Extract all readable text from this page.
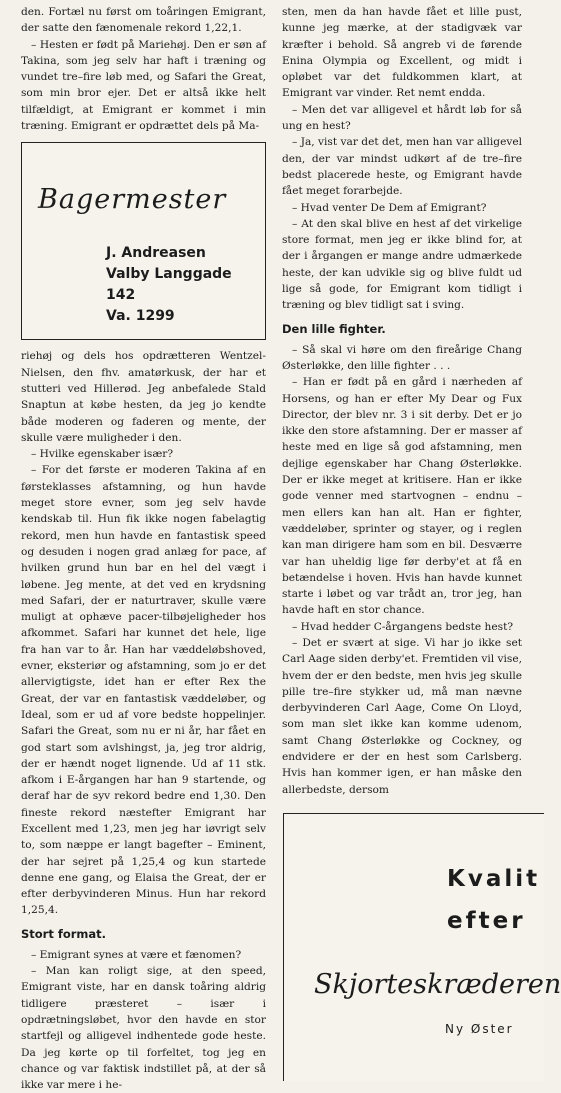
den. Fortæl nu først om toåringen Emigrant, der satte den fænomenale rekord 1,22,1.

– Hesten er født på Mariehøj. Den er søn af Takina, som jeg selv har haft i træning og vundet tre–fire løb med, og Safari the Great, som min bror ejer. Det er altså ikke helt tilfældigt, at Emigrant er kommet i min træning. Emigrant er opdrættet dels på Ma-

Bagermester
J. Andreasen
Valby Langgade 142
Va. 1299

riehøj og dels hos opdrætteren Wentzel-Nielsen, den fhv. amatørkusk, der har et stutteri ved Hillerød. Jeg anbefalede Stald Snaptun at købe hesten, da jeg jo kendte både moderen og faderen og mente, der skulle være muligheder i den.

– Hvilke egenskaber især?

– For det første er moderen Takina af en førsteklasses afstamning, og hun havde meget store evner, som jeg selv havde kendskab til. Hun fik ikke nogen fabelagtig rekord, men hun havde en fantastisk speed og desuden i nogen grad anlæg for pace, af hvilken grund hun bar en hel del vægt i løbene. Jeg mente, at det ved en krydsning med Safari, der er naturtraver, skulle være muligt at ophæve pacer-tilbøjeligheder hos afkommet. Safari har kunnet det hele, lige fra han var to år. Han har væddeløbshoved, evner, eksteriør og afstamning, som jo er det allervigtigste, idet han er efter Rex the Great, der var en fantastisk væddeløber, og Ideal, som er ud af vore bedste hoppelinjer. Safari the Great, som nu er ni år, har fået en god start som avlshingst, ja, jeg tror aldrig, der er hændt noget lignende. Ud af 11 stk. afkom i E-årgangen har han 9 startende, og deraf har de syv rekord bedre end 1,30. Den fineste rekord næstefter Emigrant har Excellent med 1,23, men jeg har iøvrigt selv to, som næppe er langt bagefter – Eminent, der har sejret på 1,25,4 og kun startede denne ene gang, og Elaisa the Great, der er efter derbyvinderen Minus. Hun har rekord 1,25,4.

Stort format.

– Emigrant synes at være et fænomen?

– Man kan roligt sige, at den speed, Emigrant viste, har en dansk toåring aldrig tidligere præsteret – især i opdrætningsløbet, hvor den havde en stor startfejl og alligevel indhentede gode heste. Da jeg kørte op til forfeltet, tog jeg en chance og var faktisk indstillet på, at der så ikke var mere i he-

sten, men da han havde fået et lille pust, kunne jeg mærke, at der stadigvæk var kræfter i behold. Så angreb vi de førende Enina Olympia og Excellent, og midt i opløbet var det fuldkommen klart, at Emigrant var vinder. Ret nemt endda.

– Men det var alligevel et hårdt løb for så ung en hest?

– Ja, vist var det det, men han var alligevel den, der var mindst udkørt af de tre–fire bedst placerede heste, og Emigrant havde fået meget forarbejde.

– Hvad venter De Dem af Emigrant?

– At den skal blive en hest af det virkelige store format, men jeg er ikke blind for, at der i årgangen er mange andre udmærkede heste, der kan udvikle sig og blive fuldt ud lige så gode, for Emigrant kom tidligt i træning og blev tidligt sat i sving.

Den lille fighter.

– Så skal vi høre om den fireårige Chang Østerløkke, den lille fighter . . .

– Han er født på en gård i nærheden af Horsens, og han er efter My Dear og Fux Director, der blev nr. 3 i sit derby. Det er jo ikke den store afstamning. Der er masser af heste med en lige så god afstamning, men dejlige egenskaber har Chang Østerløkke. Der er ikke meget at kritisere. Han er ikke gode venner med startvognen – endnu – men ellers kan han alt. Han er fighter, væddeløber, sprinter og stayer, og i reglen kan man dirigere ham som en bil. Desværre var han uheldig lige før derby'et at få en betændelse i hoven. Hvis han havde kunnet starte i løbet og var trådt an, tror jeg, han havde haft en stor chance.

– Hvad hedder C-årgangens bedste hest?

– Det er svært at sige. Vi har jo ikke set Carl Aage siden derby'et. Fremtiden vil vise, hvem der er den bedste, men hvis jeg skulle pille tre–fire stykker ud, må man nævne derbyvinderen Carl Aage, Come On Lloyd, som man slet ikke kan komme udenom, samt Chang Østerløkke og Cockney, og endvidere er der en hest som Carlsberg. Hvis han kommer igen, er han måske den allerbedste, dersom

Kvalit
efter
Skjorteskræderen
Ny Øster
